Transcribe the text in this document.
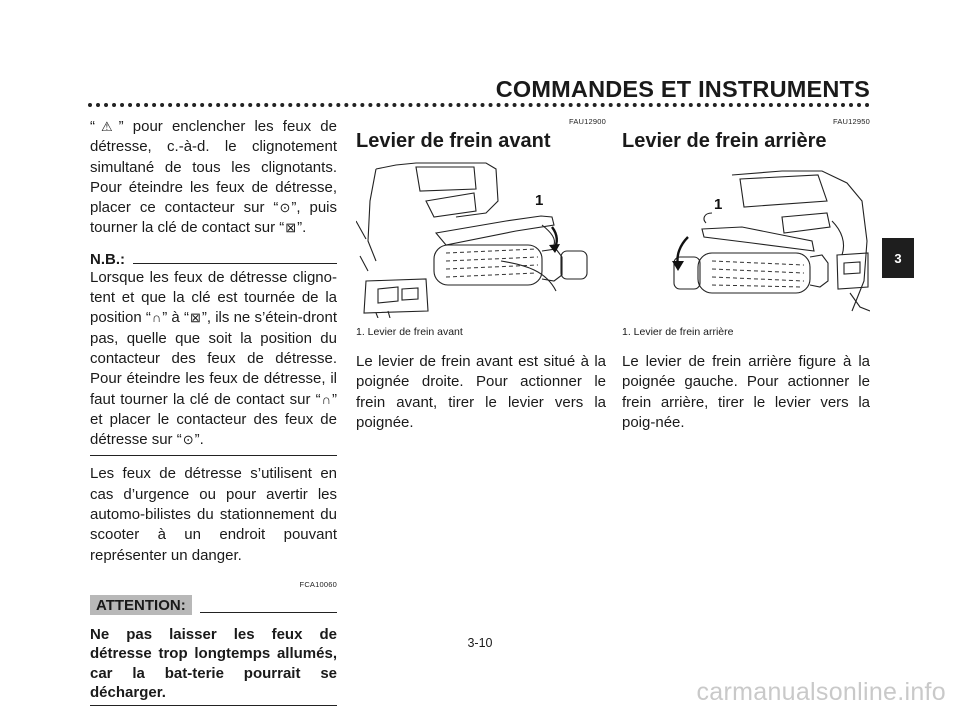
COMMANDES ET INSTRUMENTS
3
“⚠” pour enclencher les feux de détresse, c.-à-d. le clignotement simultané de tous les clignotants. Pour éteindre les feux de détresse, placer ce contacteur sur “⊙”, puis tourner la clé de contact sur “⊠”.
N.B.:
Lorsque les feux de détresse cligno-tent et que la clé est tournée de la position “∩” à “⊠”, ils ne s’étein-dront pas, quelle que soit la position du contacteur des feux de détresse. Pour éteindre les feux de détresse, il faut tourner la clé de contact sur “∩” et placer le contacteur des feux de détresse sur “⊙”.
Les feux de détresse s’utilisent en cas d’urgence ou pour avertir les automo-bilistes du stationnement du scooter à un endroit pouvant représenter un danger.
FCA10060
ATTENTION:
Ne pas laisser les feux de détresse trop longtemps allumés, car la bat-terie pourrait se décharger.
FAU12900
Levier de frein avant
1
1. Levier de frein avant
Le levier de frein avant est situé à la poignée droite. Pour actionner le frein avant, tirer le levier vers la poignée.
FAU12950
Levier de frein arrière
1
1. Levier de frein arrière
Le levier de frein arrière figure à la poignée gauche. Pour actionner le frein arrière, tirer le levier vers la poig-née.
3-10
carmanualsonline.info
